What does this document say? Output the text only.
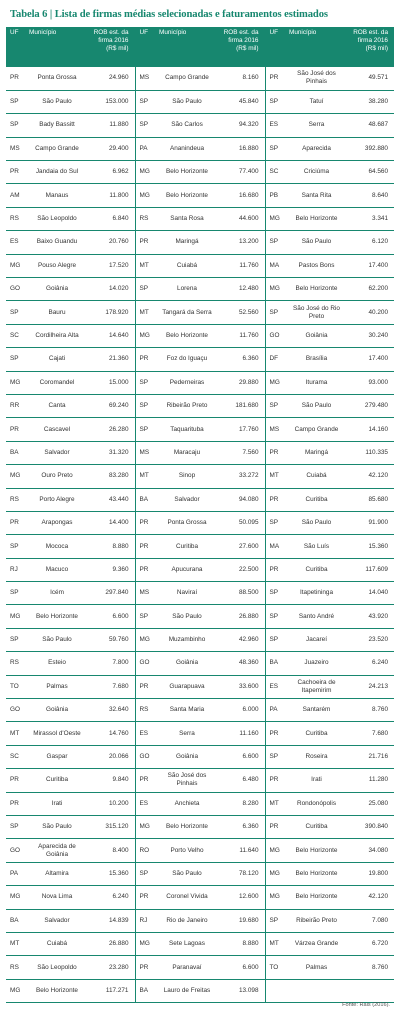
Tabela 6 | Lista de firmas médias selecionadas e faturamentos estimados
UF	Município	ROB est. da firma 2016 (R$ mil)	UF	Município	ROB est. da firma 2016 (R$ mil)	UF	Município	ROB est. da firma 2016 (R$ mil)
PR	Ponta Grossa	24.960	MS	Campo Grande	8.160	PR	São José dos Pinhais	49.571
SP	São Paulo	153.000	SP	São Paulo	45.840	SP	Tatuí	38.280
SP	Bady Bassitt	11.880	SP	São Carlos	94.320	ES	Serra	48.687
MS	Campo Grande	29.400	PA	Ananindeua	16.880	SP	Aparecida	392.880
PR	Jandaia do Sul	6.962	MG	Belo Horizonte	77.400	SC	Criciúma	64.560
AM	Manaus	11.800	MG	Belo Horizonte	16.680	PB	Santa Rita	8.640
RS	São Leopoldo	6.840	RS	Santa Rosa	44.600	MG	Belo Horizonte	3.341
ES	Baixo Guandu	20.760	PR	Maringá	13.200	SP	São Paulo	6.120
MG	Pouso Alegre	17.520	MT	Cuiabá	11.760	MA	Pastos Bons	17.400
GO	Goiânia	14.020	SP	Lorena	12.480	MG	Belo Horizonte	62.200
SP	Bauru	178.920	MT	Tangará da Serra	52.560	SP	São José do Rio Preto	40.200
SC	Cordilheira Alta	14.640	MG	Belo Horizonte	11.760	GO	Goiânia	30.240
SP	Cajati	21.360	PR	Foz do Iguaçu	6.360	DF	Brasília	17.400
MG	Coromandel	15.000	SP	Pederneiras	29.880	MG	Iturama	93.000
RR	Canta	69.240	SP	Ribeirão Preto	181.680	SP	São Paulo	279.480
PR	Cascavel	26.280	SP	Taquarituba	17.760	MS	Campo Grande	14.160
BA	Salvador	31.320	MS	Maracaju	7.560	PR	Maringá	110.335
MG	Ouro Preto	83.280	MT	Sinop	33.272	MT	Cuiabá	42.120
RS	Porto Alegre	43.440	BA	Salvador	94.080	PR	Curitiba	85.680
PR	Arapongas	14.400	PR	Ponta Grossa	50.095	SP	São Paulo	91.900
SP	Mococa	8.880	PR	Curitiba	27.600	MA	São Luís	15.360
RJ	Macuco	9.360	PR	Apucurana	22.500	PR	Curitiba	117.609
SP	Icém	297.840	MS	Naviraí	88.500	SP	Itapetininga	14.040
MG	Belo Horizonte	6.600	SP	São Paulo	26.880	SP	Santo André	43.920
SP	São Paulo	59.760	MG	Muzambinho	42.960	SP	Jacareí	23.520
RS	Esteio	7.800	GO	Goiânia	48.360	BA	Juazeiro	6.240
TO	Palmas	7.680	PR	Guarapuava	33.600	ES	Cachoeira de Itapemirim	24.213
GO	Goiânia	32.640	RS	Santa Maria	6.000	PA	Santarém	8.760
MT	Mirassol d'Oeste	14.760	ES	Serra	11.160	PR	Curitiba	7.680
SC	Gaspar	20.066	GO	Goiânia	6.600	SP	Roseira	21.716
PR	Curitiba	9.840	PR	São José dos Pinhais	6.480	PR	Irati	11.280
PR	Irati	10.200	ES	Anchieta	8.280	MT	Rondonópolis	25.080
SP	São Paulo	315.120	MG	Belo Horizonte	6.360	PR	Curitiba	390.840
GO	Aparecida de Goiânia	8.400	RO	Porto Velho	11.640	MG	Belo Horizonte	34.080
PA	Altamira	15.360	SP	São Paulo	78.120	MG	Belo Horizonte	19.800
MG	Nova Lima	6.240	PR	Coronel Vivida	12.600	MG	Belo Horizonte	42.120
BA	Salvador	14.839	RJ	Rio de Janeiro	19.680	SP	Ribeirão Preto	7.080
MT	Cuiabá	26.880	MG	Sete Lagoas	8.880	MT	Várzea Grande	6.720
RS	São Leopoldo	23.280	PR	Paranavaí	6.600	TO	Palmas	8.760
MG	Belo Horizonte	117.271	BA	Lauro de Freitas	13.098			
Fonte: Rais (2016).
